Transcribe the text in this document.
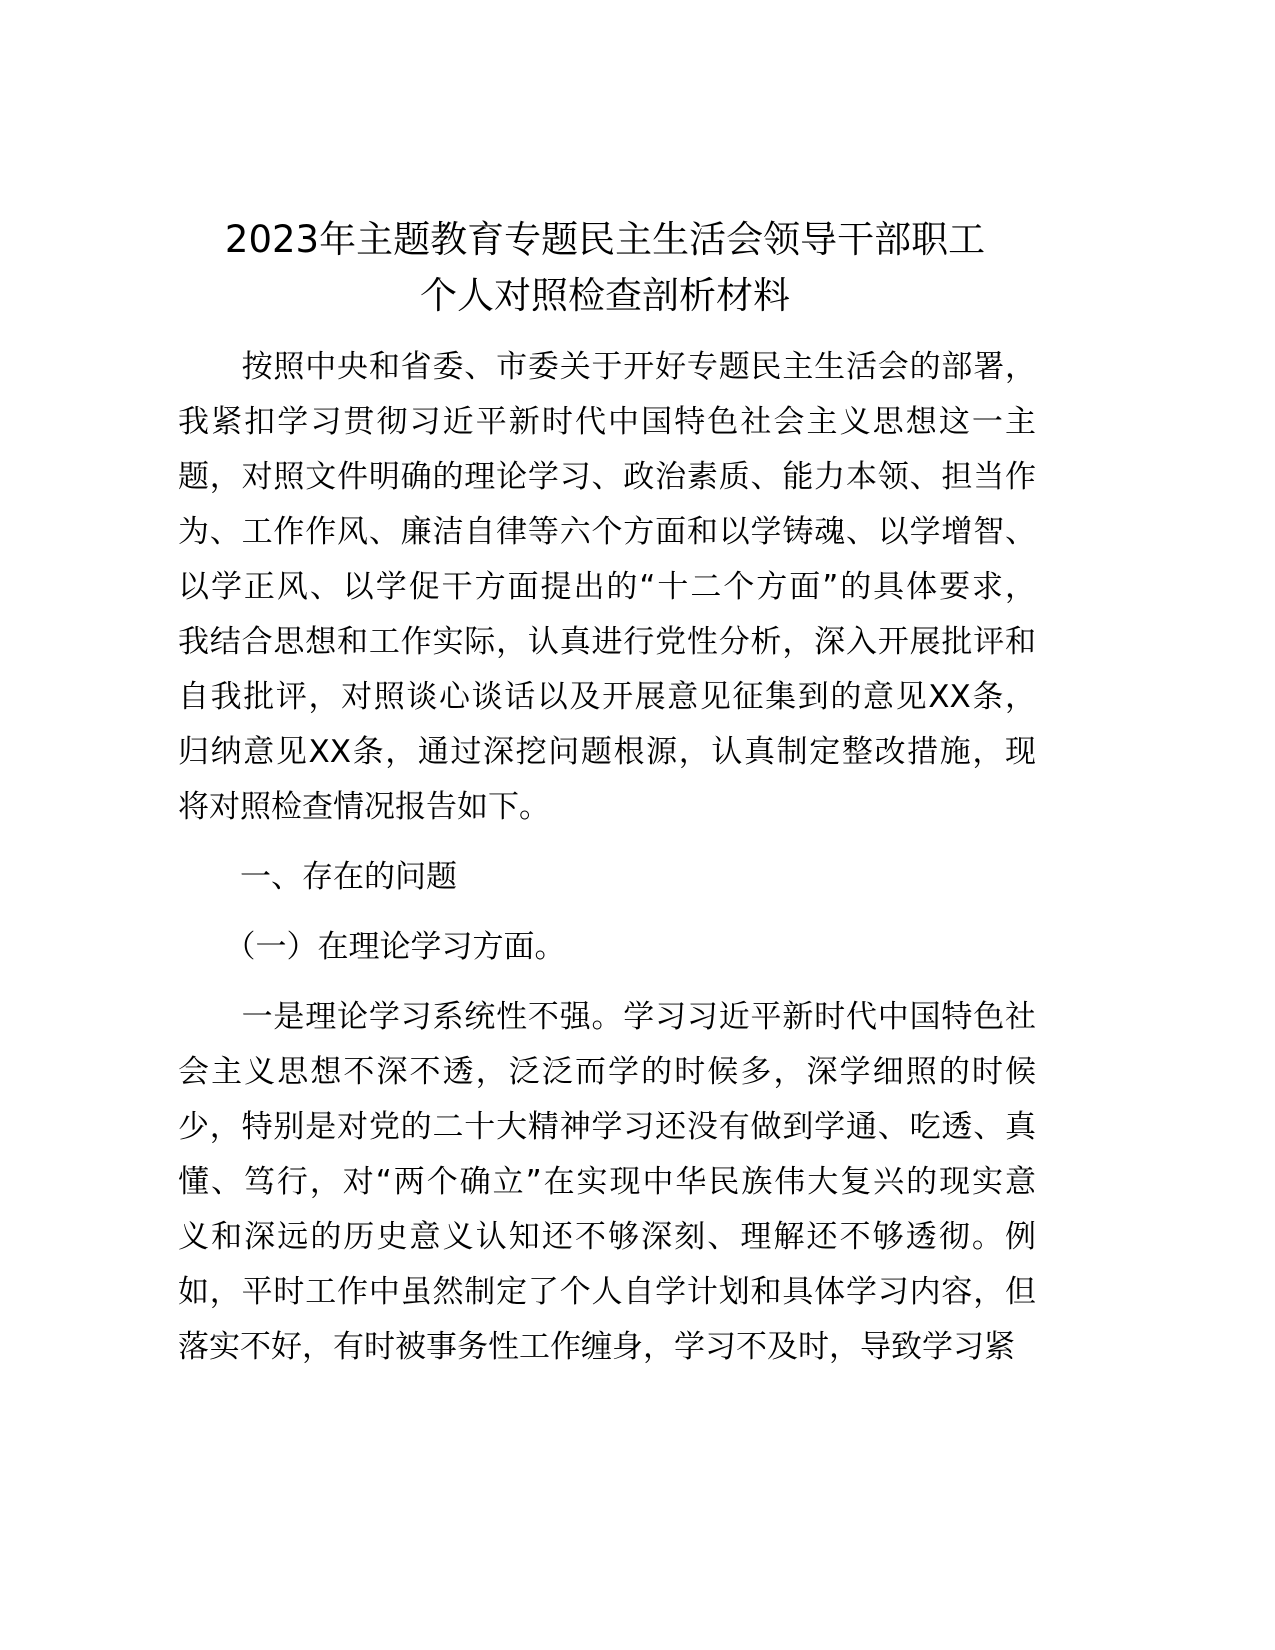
2023年主题教育专题民主生活会领导干部职工
个人对照检查剖析材料
　　按照中央和省委、市委关于开好专题民主生活会的部署，
我紧扣学习贯彻习近平新时代中国特色社会主义思想这一主
题，对照文件明确的理论学习、政治素质、能力本领、担当作
为、工作作风、廉洁自律等六个方面和以学铸魂、以学增智、
以学正风、以学促干方面提出的“十二个方面”的具体要求，
我结合思想和工作实际，认真进行党性分析，深入开展批评和
自我批评，对照谈心谈话以及开展意见征集到的意见XX条，
归纳意见XX条，通过深挖问题根源，认真制定整改措施，现
将对照检查情况报告如下。
　　一、存在的问题
　　（一）在理论学习方面。
　　一是理论学习系统性不强。学习习近平新时代中国特色社
会主义思想不深不透，泛泛而学的时候多，深学细照的时候
少，特别是对党的二十大精神学习还没有做到学通、吃透、真
懂、笃行，对“两个确立”在实现中华民族伟大复兴的现实意
义和深远的历史意义认知还不够深刻、理解还不够透彻。例
如，平时工作中虽然制定了个人自学计划和具体学习内容，但
落实不好，有时被事务性工作缠身，学习不及时，导致学习紧
